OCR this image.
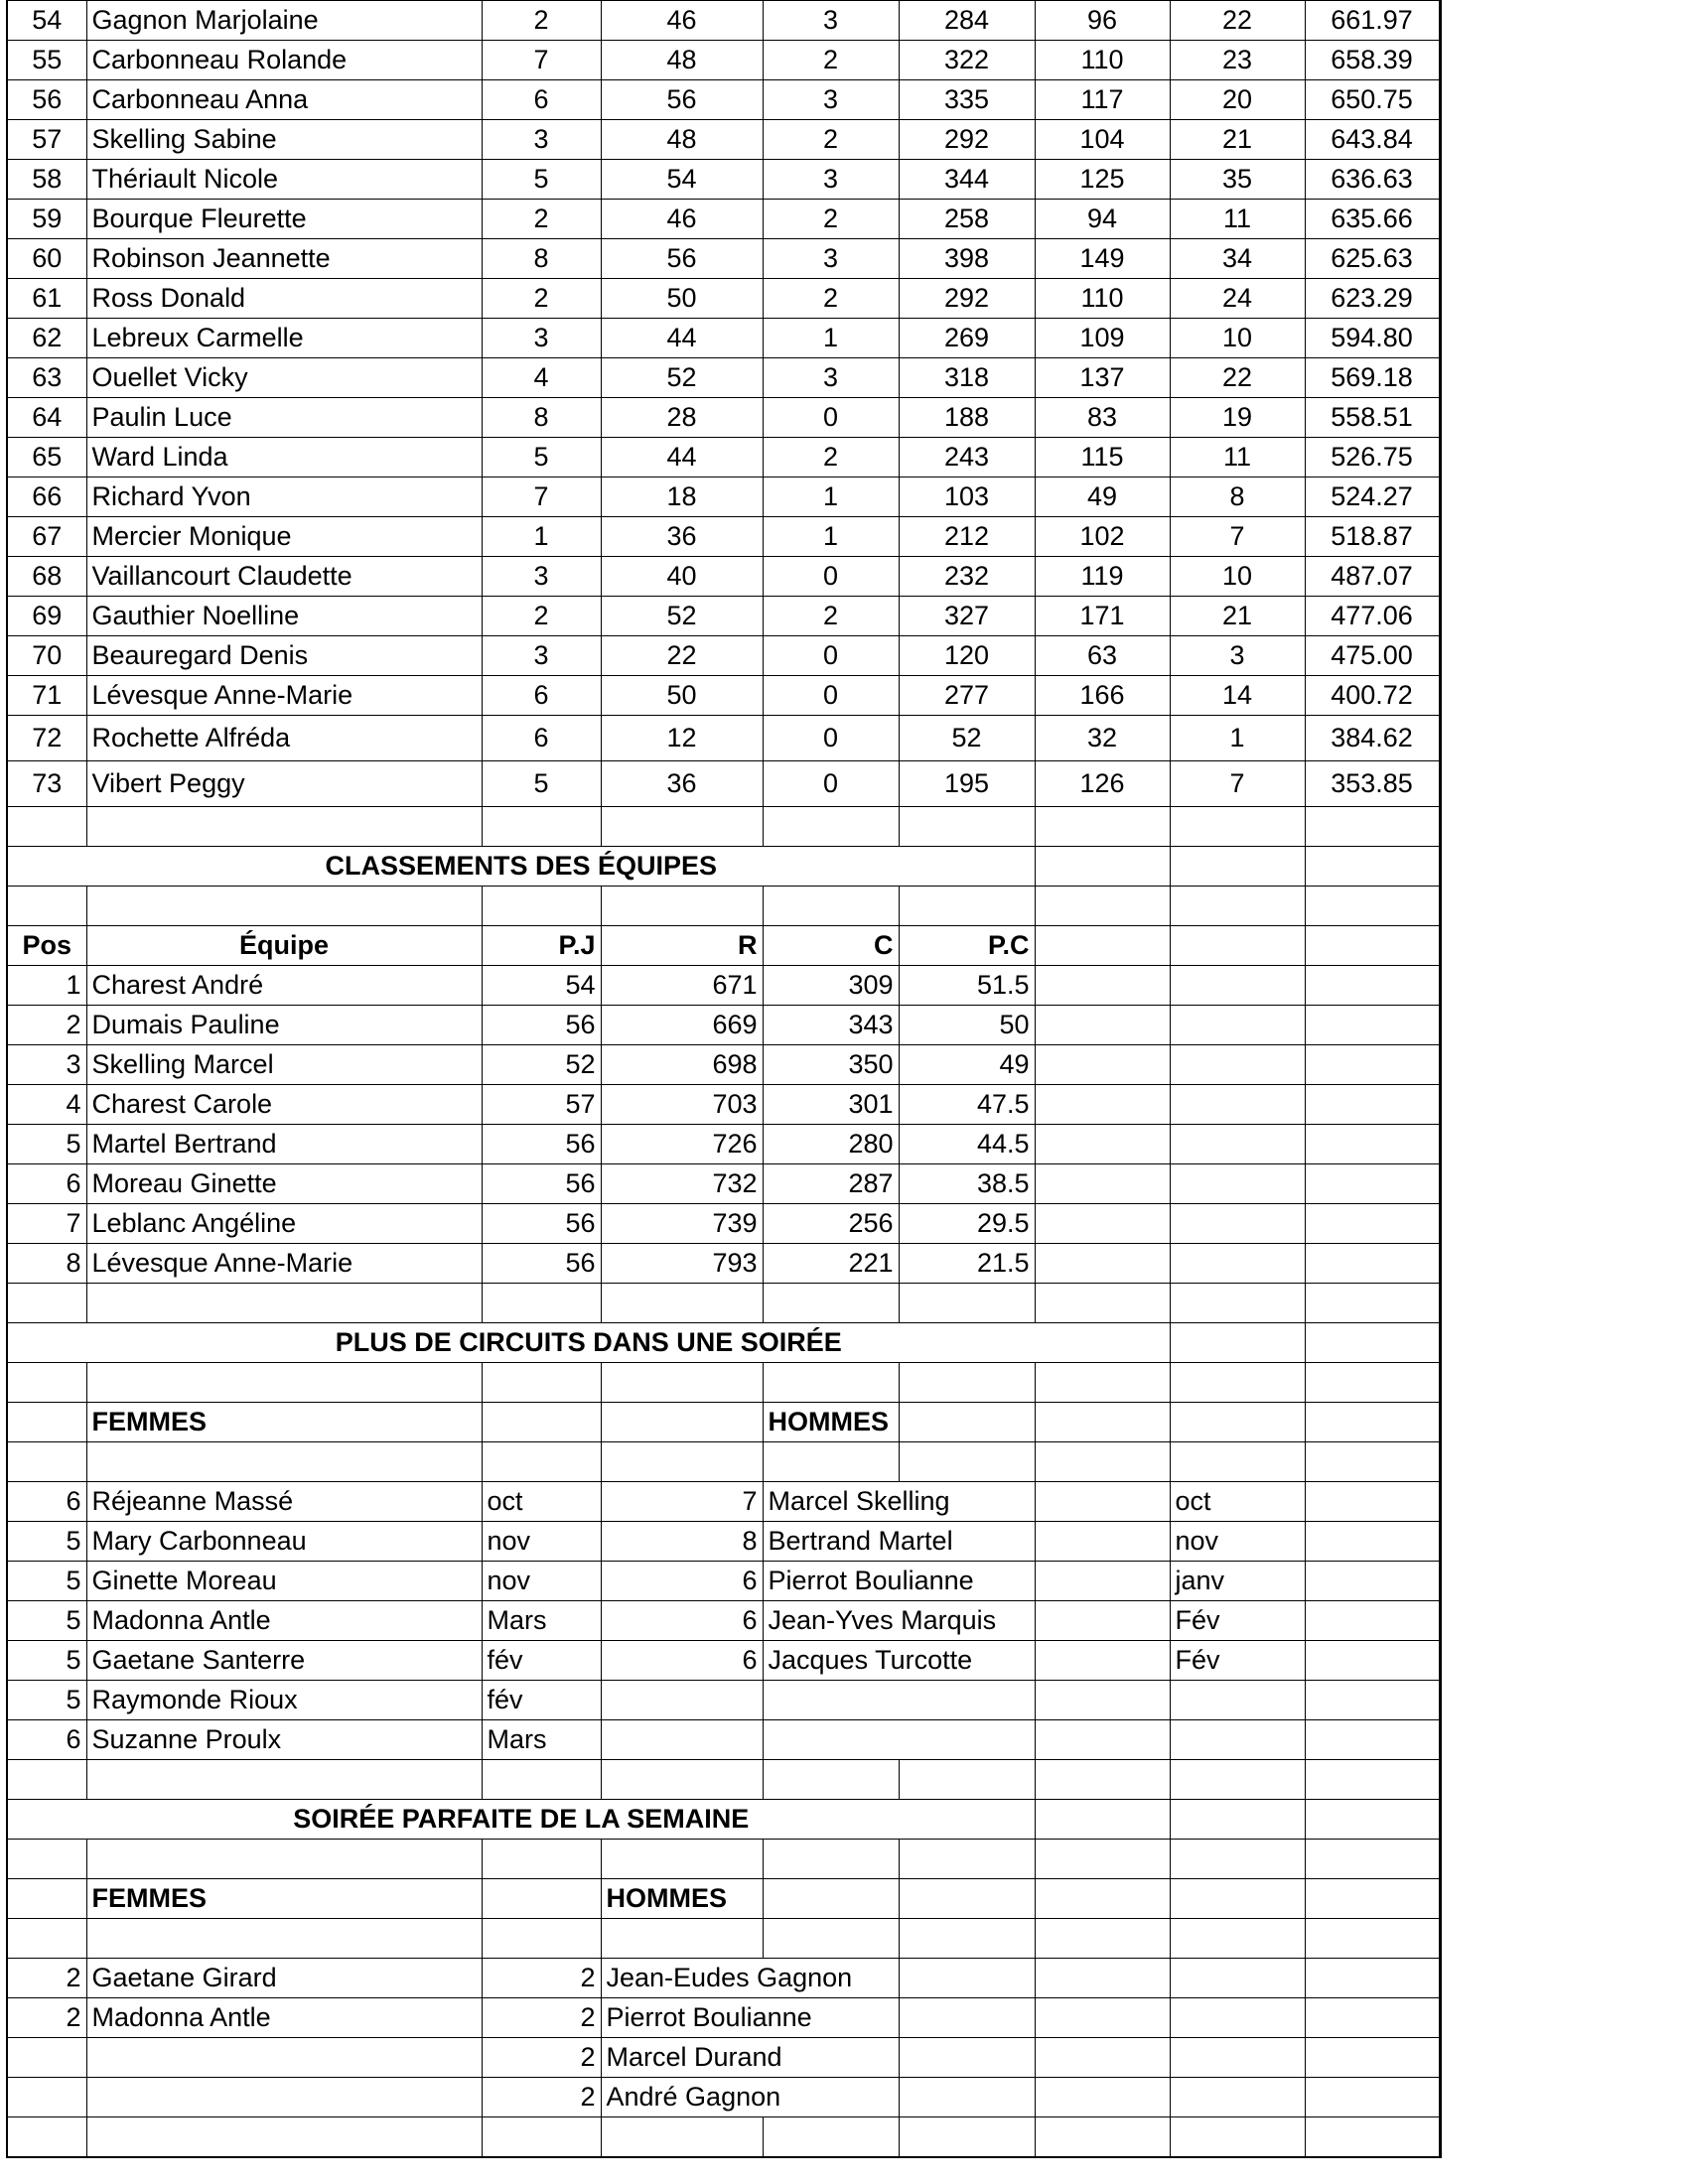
54	Gagnon Marjolaine	2	46	3	284	96	22	661.97
55	Carbonneau Rolande	7	48	2	322	110	23	658.39
56	Carbonneau Anna	6	56	3	335	117	20	650.75
57	Skelling Sabine	3	48	2	292	104	21	643.84
58	Thériault Nicole	5	54	3	344	125	35	636.63
59	Bourque Fleurette	2	46	2	258	94	11	635.66
60	Robinson Jeannette	8	56	3	398	149	34	625.63
61	Ross Donald	2	50	2	292	110	24	623.29
62	Lebreux Carmelle	3	44	1	269	109	10	594.80
63	Ouellet Vicky	4	52	3	318	137	22	569.18
64	Paulin Luce	8	28	0	188	83	19	558.51
65	Ward Linda	5	44	2	243	115	11	526.75
66	Richard Yvon	7	18	1	103	49	8	524.27
67	Mercier Monique	1	36	1	212	102	7	518.87
68	Vaillancourt Claudette	3	40	0	232	119	10	487.07
69	Gauthier Noelline	2	52	2	327	171	21	477.06
70	Beauregard Denis	3	22	0	120	63	3	475.00
71	Lévesque Anne-Marie	6	50	0	277	166	14	400.72
72	Rochette Alfréda	6	12	0	52	32	1	384.62
73	Vibert Peggy	5	36	0	195	126	7	353.85

CLASSEMENTS DES ÉQUIPES								

Pos	Équipe	P.J	R	C	P.C			
1	Charest André	54	671	309	51.5			
2	Dumais Pauline	56	669	343	50			
3	Skelling Marcel	52	698	350	49			
4	Charest Carole	57	703	301	47.5			
5	Martel Bertrand	56	726	280	44.5			
6	Moreau Ginette	56	732	287	38.5			
7	Leblanc Angéline	56	739	256	29.5			
8	Lévesque Anne-Marie	56	793	221	21.5			

PLUS DE CIRCUITS DANS UNE SOIRÉE								

	FEMMES			HOMMES				

6	Réjeanne Massé	oct	7	Marcel Skelling			oct	
5	Mary Carbonneau	nov	8	Bertrand Martel			nov	
5	Ginette Moreau	nov	6	Pierrot Boulianne			janv	
5	Madonna Antle	Mars	6	Jean-Yves Marquis			Fév	
5	Gaetane Santerre	fév	6	Jacques Turcotte			Fév	
5	Raymonde Rioux	fév						
6	Suzanne Proulx	Mars						

SOIRÉE PARFAITE DE LA SEMAINE								

	FEMMES		HOMMES					

2	Gaetane Girard	2	Jean-Eudes Gagnon					
2	Madonna Antle	2	Pierrot Boulianne					
		2	Marcel Durand					
		2	André Gagnon					
